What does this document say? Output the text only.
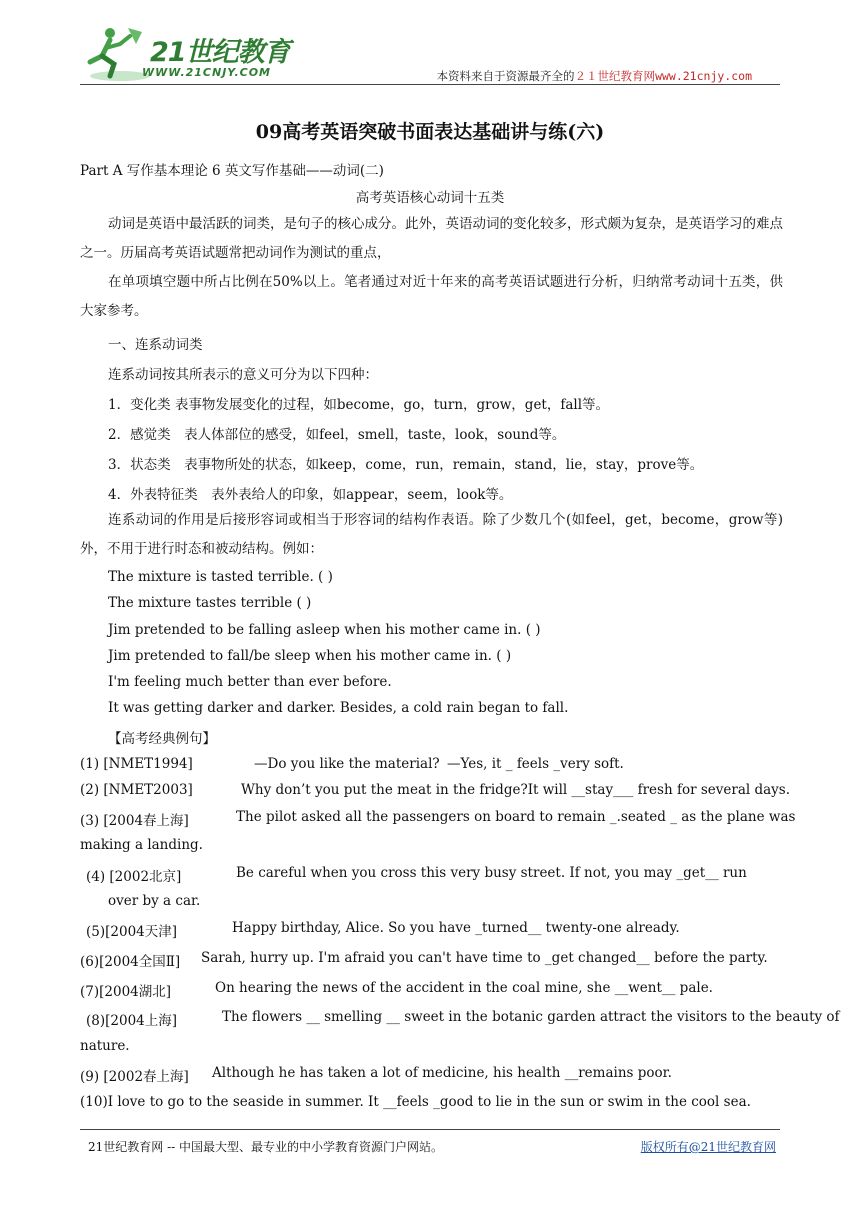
21世纪教育
WWW.21CNJY.COM	本资料来自于资源最齐全的２１世纪教育网www.21cnjy.com
09高考英语突破书面表达基础讲与练(六)
Part A 写作基本理论 6 英文写作基础——动词(二)
高考英语核心动词十五类
动词是英语中最活跃的词类，是句子的核心成分。此外，英语动词的变化较多，形式颇为复杂，是英语学习的难点之一。历届高考英语试题常把动词作为测试的重点，
在单项填空题中所占比例在50%以上。笔者通过对近十年来的高考英语试题进行分析，归纳常考动词十五类，供大家参考。
一、连系动词类
连系动词按其所表示的意义可分为以下四种：
1．变化类 表事物发展变化的过程，如become，go，turn，grow，get，fall等。
2．感觉类　表人体部位的感受，如feel，smell，taste，look，sound等。
3．状态类　表事物所处的状态，如keep，come，run，remain，stand，lie，stay，prove等。
4．外表特征类　表外表给人的印象，如appear，seem，look等。
连系动词的作用是后接形容词或相当于形容词的结构作表语。除了少数几个(如feel，get，become，grow等)外，不用于进行时态和被动结构。例如：
The mixture is tasted terrible. ( )
The mixture tastes terrible ( )
Jim pretended to be falling asleep when his mother came in. ( )
Jim pretended to fall/be sleep when his mother came in. ( )
I'm feeling much better than ever before.
It was getting darker and darker. Besides, a cold rain began to fall.
【高考经典例句】
(1) [NMET1994]	—Do you like the material? —Yes, it _ feels _very soft.
(2) [NMET2003]	Why don’t you put the meat in the fridge?It will __stay___ fresh for several days.
(3) [2004春上海]	The pilot asked all the passengers on board to remain _.seated _ as the plane was
making a landing.
(4) [2002北京]	Be careful when you cross this very busy street. If not, you may _get__ run
over by a car.
(5)[2004天津]	Happy birthday, Alice. So you have _turned__ twenty-one already.
(6)[2004全国Ⅱ] Sarah, hurry up. I'm afraid you can't have time to _get changed__ before the party.
(7)[2004湖北]	On hearing the news of the accident in the coal mine, she __went__ pale.
(8)[2004上海]	The flowers __ smelling __ sweet in the botanic garden attract the visitors to the beauty of
nature.
(9) [2002春上海] Although he has taken a lot of medicine, his health __remains poor.
(10)I love to go to the seaside in summer. It __feels _good to lie in the sun or swim in the cool sea.
21世纪教育网 -- 中国最大型、最专业的中小学教育资源门户网站。	版权所有@21世纪教育网
